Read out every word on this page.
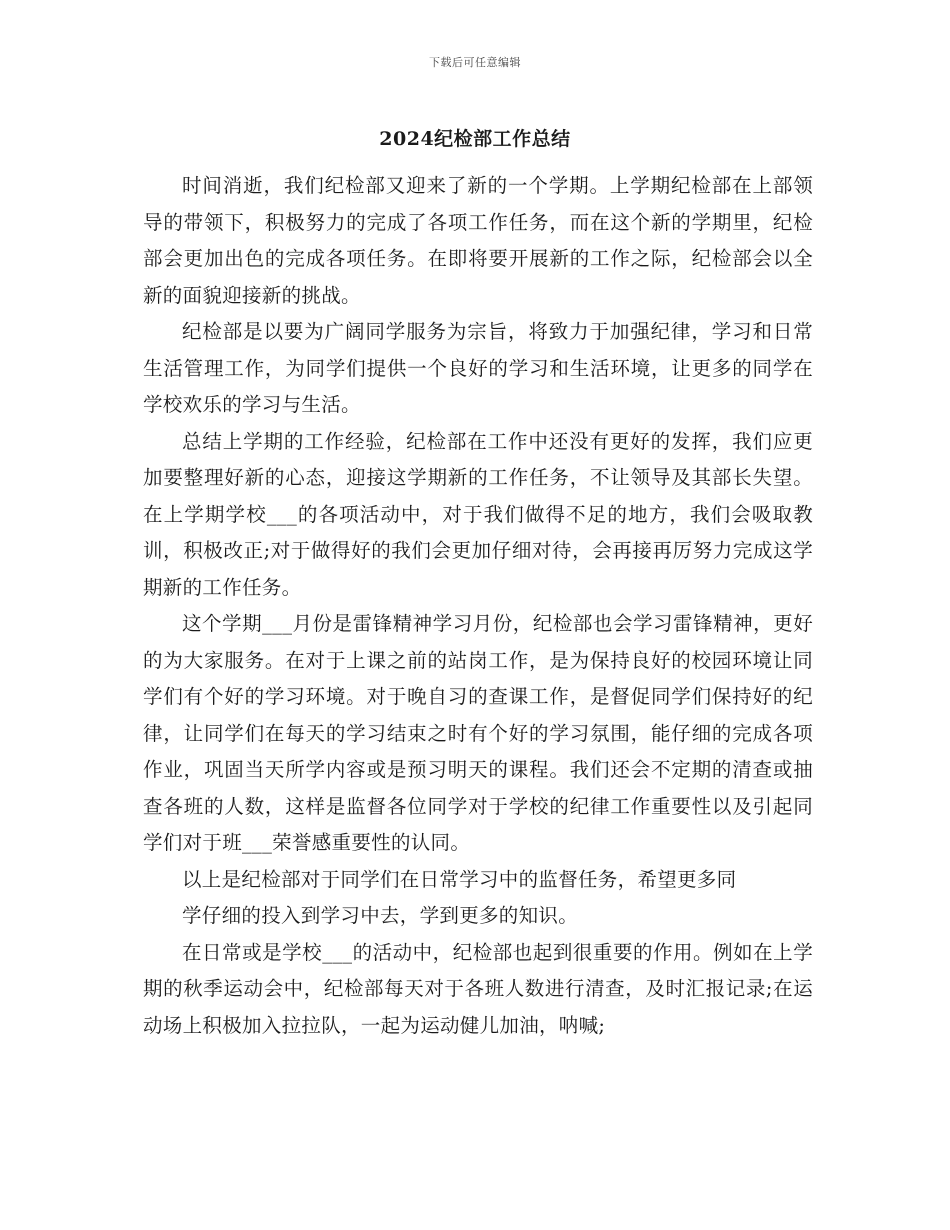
下载后可任意编辑
2024纪检部工作总结

时间消逝，我们纪检部又迎来了新的一个学期。上学期纪检部在上部领导的带领下，积极努力的完成了各项工作任务，而在这个新的学期里，纪检部会更加出色的完成各项任务。在即将要开展新的工作之际，纪检部会以全新的面貌迎接新的挑战。

纪检部是以要为广阔同学服务为宗旨，将致力于加强纪律，学习和日常生活管理工作，为同学们提供一个良好的学习和生活环境，让更多的同学在学校欢乐的学习与生活。

总结上学期的工作经验，纪检部在工作中还没有更好的发挥，我们应更加要整理好新的心态，迎接这学期新的工作任务，不让领导及其部长失望。在上学期学校___的各项活动中，对于我们做得不足的地方，我们会吸取教训，积极改正;对于做得好的我们会更加仔细对待，会再接再厉努力完成这学期新的工作任务。

这个学期___月份是雷锋精神学习月份，纪检部也会学习雷锋精神，更好的为大家服务。在对于上课之前的站岗工作，是为保持良好的校园环境让同学们有个好的学习环境。对于晚自习的查课工作，是督促同学们保持好的纪律，让同学们在每天的学习结束之时有个好的学习氛围，能仔细的完成各项作业，巩固当天所学内容或是预习明天的课程。我们还会不定期的清查或抽查各班的人数，这样是监督各位同学对于学校的纪律工作重要性以及引起同学们对于班___荣誉感重要性的认同。

以上是纪检部对于同学们在日常学习中的监督任务，希望更多同

学仔细的投入到学习中去，学到更多的知识。

在日常或是学校___的活动中，纪检部也起到很重要的作用。例如在上学期的秋季运动会中，纪检部每天对于各班人数进行清查，及时汇报记录;在运动场上积极加入拉拉队，一起为运动健儿加油，呐喊;
